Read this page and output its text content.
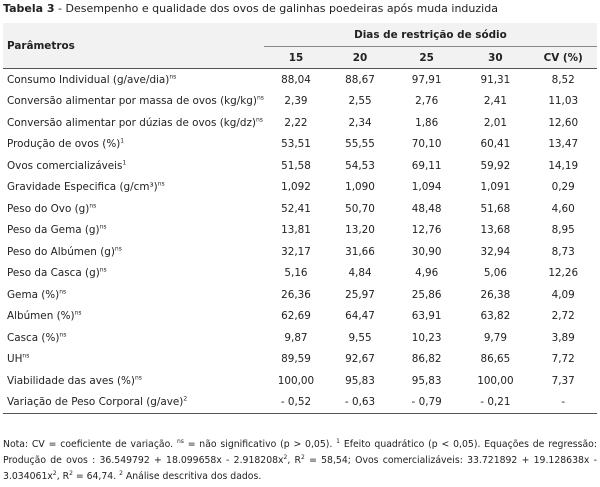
Tabela 3 - Desempenho e qualidade dos ovos de galinhas poedeiras após muda induzida
Parâmetros	Dias de restrição de sódio				
	15	20	25	30	CV (%)
Consumo Individual $(g/ave/dia)^{ns}$	88,04	88,67	97,91	91,31	8,52
Conversão alimentar por massa de ovos $(kg/kg)^{ns}$	2,39	2,55	2,76	2,41	11,03
Conversão alimentar por dúzias de ovos $(kg/dz)^{ns}$	2,22	2,34	1,86	2,01	12,60
Produção de ovos (%)$^1$	53,51	55,55	70,10	60,41	13,47
Ovos comercializáveis$^1$	51,58	54,53	69,11	59,92	14,19
Gravidade Especifica $(g/cm^3)^{ns}$	1,092	1,090	1,094	1,091	0,29
Peso do Ovo $(g)^{ns}$	52,41	50,70	48,48	51,68	4,60
Peso da Gema $(g)^{ns}$	13,81	13,20	12,76	13,68	8,95
Peso do Albúmen $(g)^{ns}$	32,17	31,66	30,90	32,94	8,73
Peso da Casca $(g)^{ns}$	5,16	4,84	4,96	5,06	12,26
Gema (%)$^{ns}$	26,36	25,97	25,86	26,38	4,09
Albúmen (%)$^{ns}$	62,69	64,47	63,91	63,82	2,72
Casca (%)$^{ns}$	9,87	9,55	10,23	9,79	3,89
$UH^{ns}$	89,59	92,67	86,82	86,65	7,72
Viabilidade das aves (%)$^{ns}$	100,00	95,83	95,83	100,00	7,37
Variação de Peso Corporal $(g/ave)^2$	- 0,52	- 0,63	- 0,79	- 0,21	-
Nota: CV = coeficiente de variação. $^{ns}$ = não significativo (p > 0,05). $^1$ Efeito quadrático (p < 0,05). Equações de regressão: Produção de ovos : $36.549792 + 18.099658x - 2.918208x^2$, $R^2 = 58,54$; Ovos comercializáveis: $33.721892 + 19.128638x - 3.034061x^2$, $R^2 = 64,74$. $^2$ Análise descritiva dos dados.
